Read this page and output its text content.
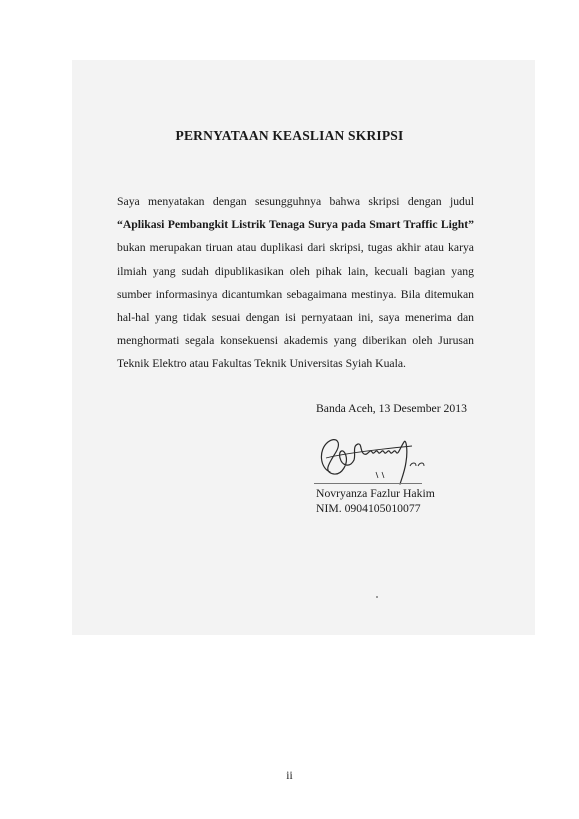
PERNYATAAN KEASLIAN SKRIPSI

Saya menyatakan dengan sesungguhnya bahwa skripsi dengan judul “Aplikasi Pembangkit Listrik Tenaga Surya pada Smart Traffic Light” bukan merupakan tiruan atau duplikasi dari skripsi, tugas akhir atau karya ilmiah yang sudah dipublikasikan oleh pihak lain, kecuali bagian yang sumber informasinya dicantumkan sebagaimana mestinya. Bila ditemukan hal-hal yang tidak sesuai dengan isi pernyataan ini, saya menerima dan menghormati segala konsekuensi akademis yang diberikan oleh Jurusan Teknik Elektro atau Fakultas Teknik Universitas Syiah Kuala.

Banda Aceh, 13 Desember 2013
Novryanza Fazlur Hakim
NIM. 0904105010077
ii
